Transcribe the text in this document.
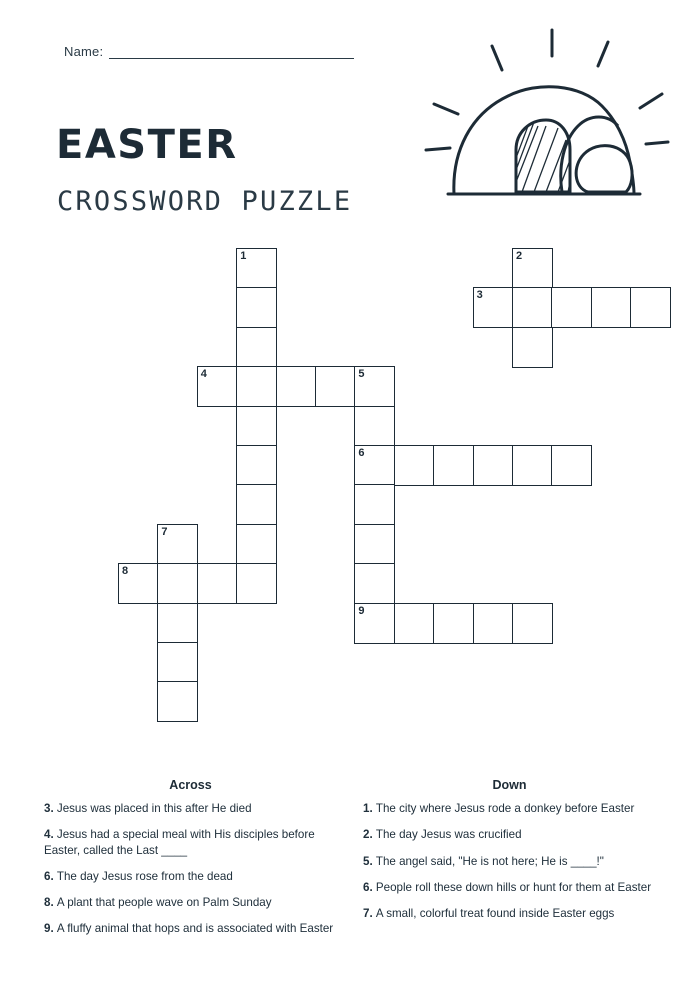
Name:
EASTER
CROSSWORD PUZZLE
1	2
3
4	5
6
7
8
9
Across
3. Jesus was placed in this after He died
4. Jesus had a special meal with His disciples before Easter, called the Last ____
6. The day Jesus rose from the dead
8. A plant that people wave on Palm Sunday
9. A fluffy animal that hops and is associated with Easter
Down
1. The city where Jesus rode a donkey before Easter
2. The day Jesus was crucified
5. The angel said, "He is not here; He is ____!"
6. People roll these down hills or hunt for them at Easter
7. A small, colorful treat found inside Easter eggs
